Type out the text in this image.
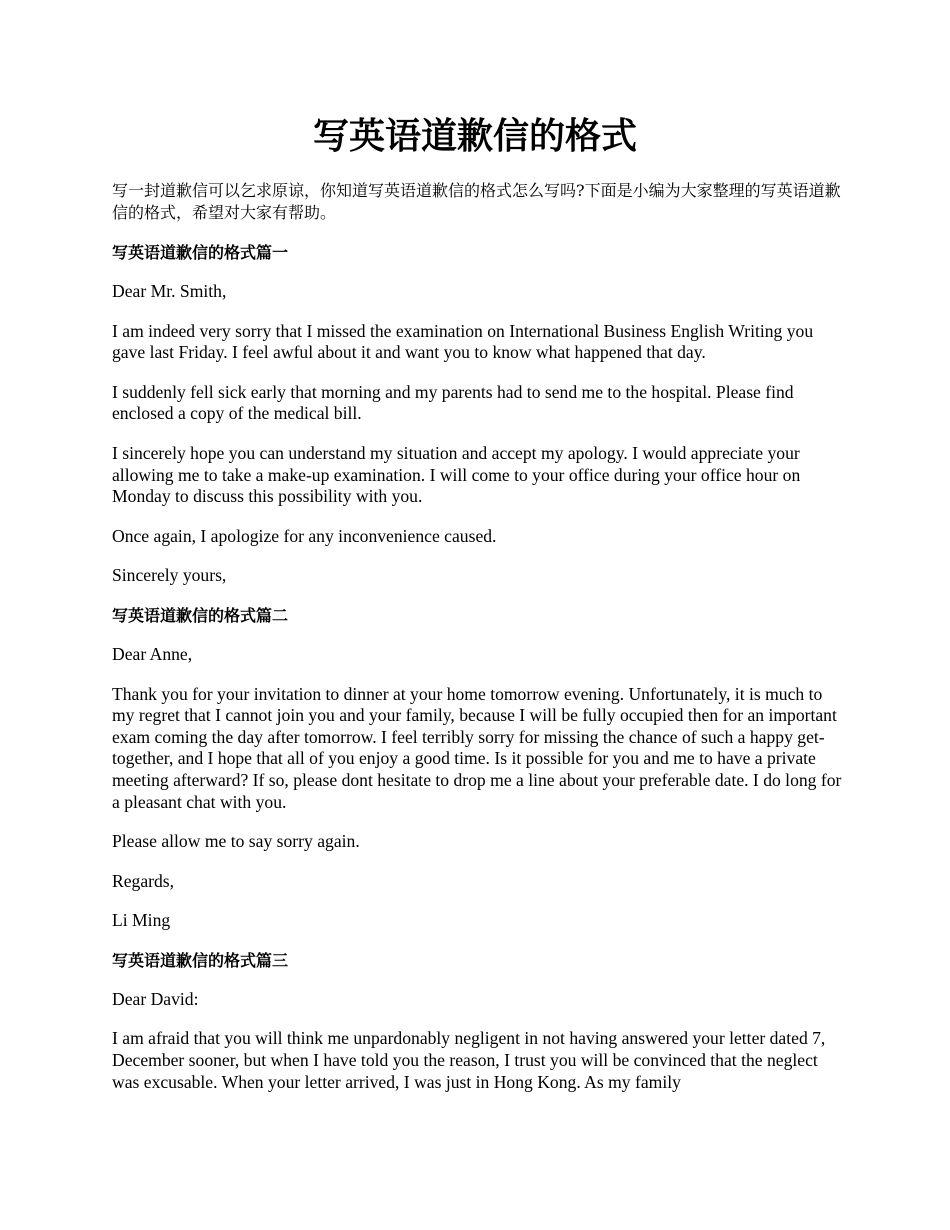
写英语道歉信的格式

写一封道歉信可以乞求原谅，你知道写英语道歉信的格式怎么写吗?下面是小编为大家整理的写英语道歉信的格式，希望对大家有帮助。

写英语道歉信的格式篇一

Dear Mr. Smith,

I am indeed very sorry that I missed the examination on International Business English Writing you gave last Friday. I feel awful about it and want you to know what happened that day.

I suddenly fell sick early that morning and my parents had to send me to the hospital. Please find enclosed a copy of the medical bill.

I sincerely hope you can understand my situation and accept my apology. I would appreciate your allowing me to take a make-up examination. I will come to your office during your office hour on Monday to discuss this possibility with you.

Once again, I apologize for any inconvenience caused.

Sincerely yours,

写英语道歉信的格式篇二

Dear Anne,

Thank you for your invitation to dinner at your home tomorrow evening. Unfortunately, it is much to my regret that I cannot join you and your family, because I will be fully occupied then for an important exam coming the day after tomorrow. I feel terribly sorry for missing the chance of such a happy get-together, and I hope that all of you enjoy a good time. Is it possible for you and me to have a private meeting afterward? If so, please dont hesitate to drop me a line about your preferable date. I do long for a pleasant chat with you.

Please allow me to say sorry again.

Regards,

Li Ming

写英语道歉信的格式篇三

Dear David:

I am afraid that you will think me unpardonably negligent in not having answered your letter dated 7, December sooner, but when I have told you the reason, I trust you will be convinced that the neglect was excusable. When your letter arrived, I was just in Hong Kong. As my family
